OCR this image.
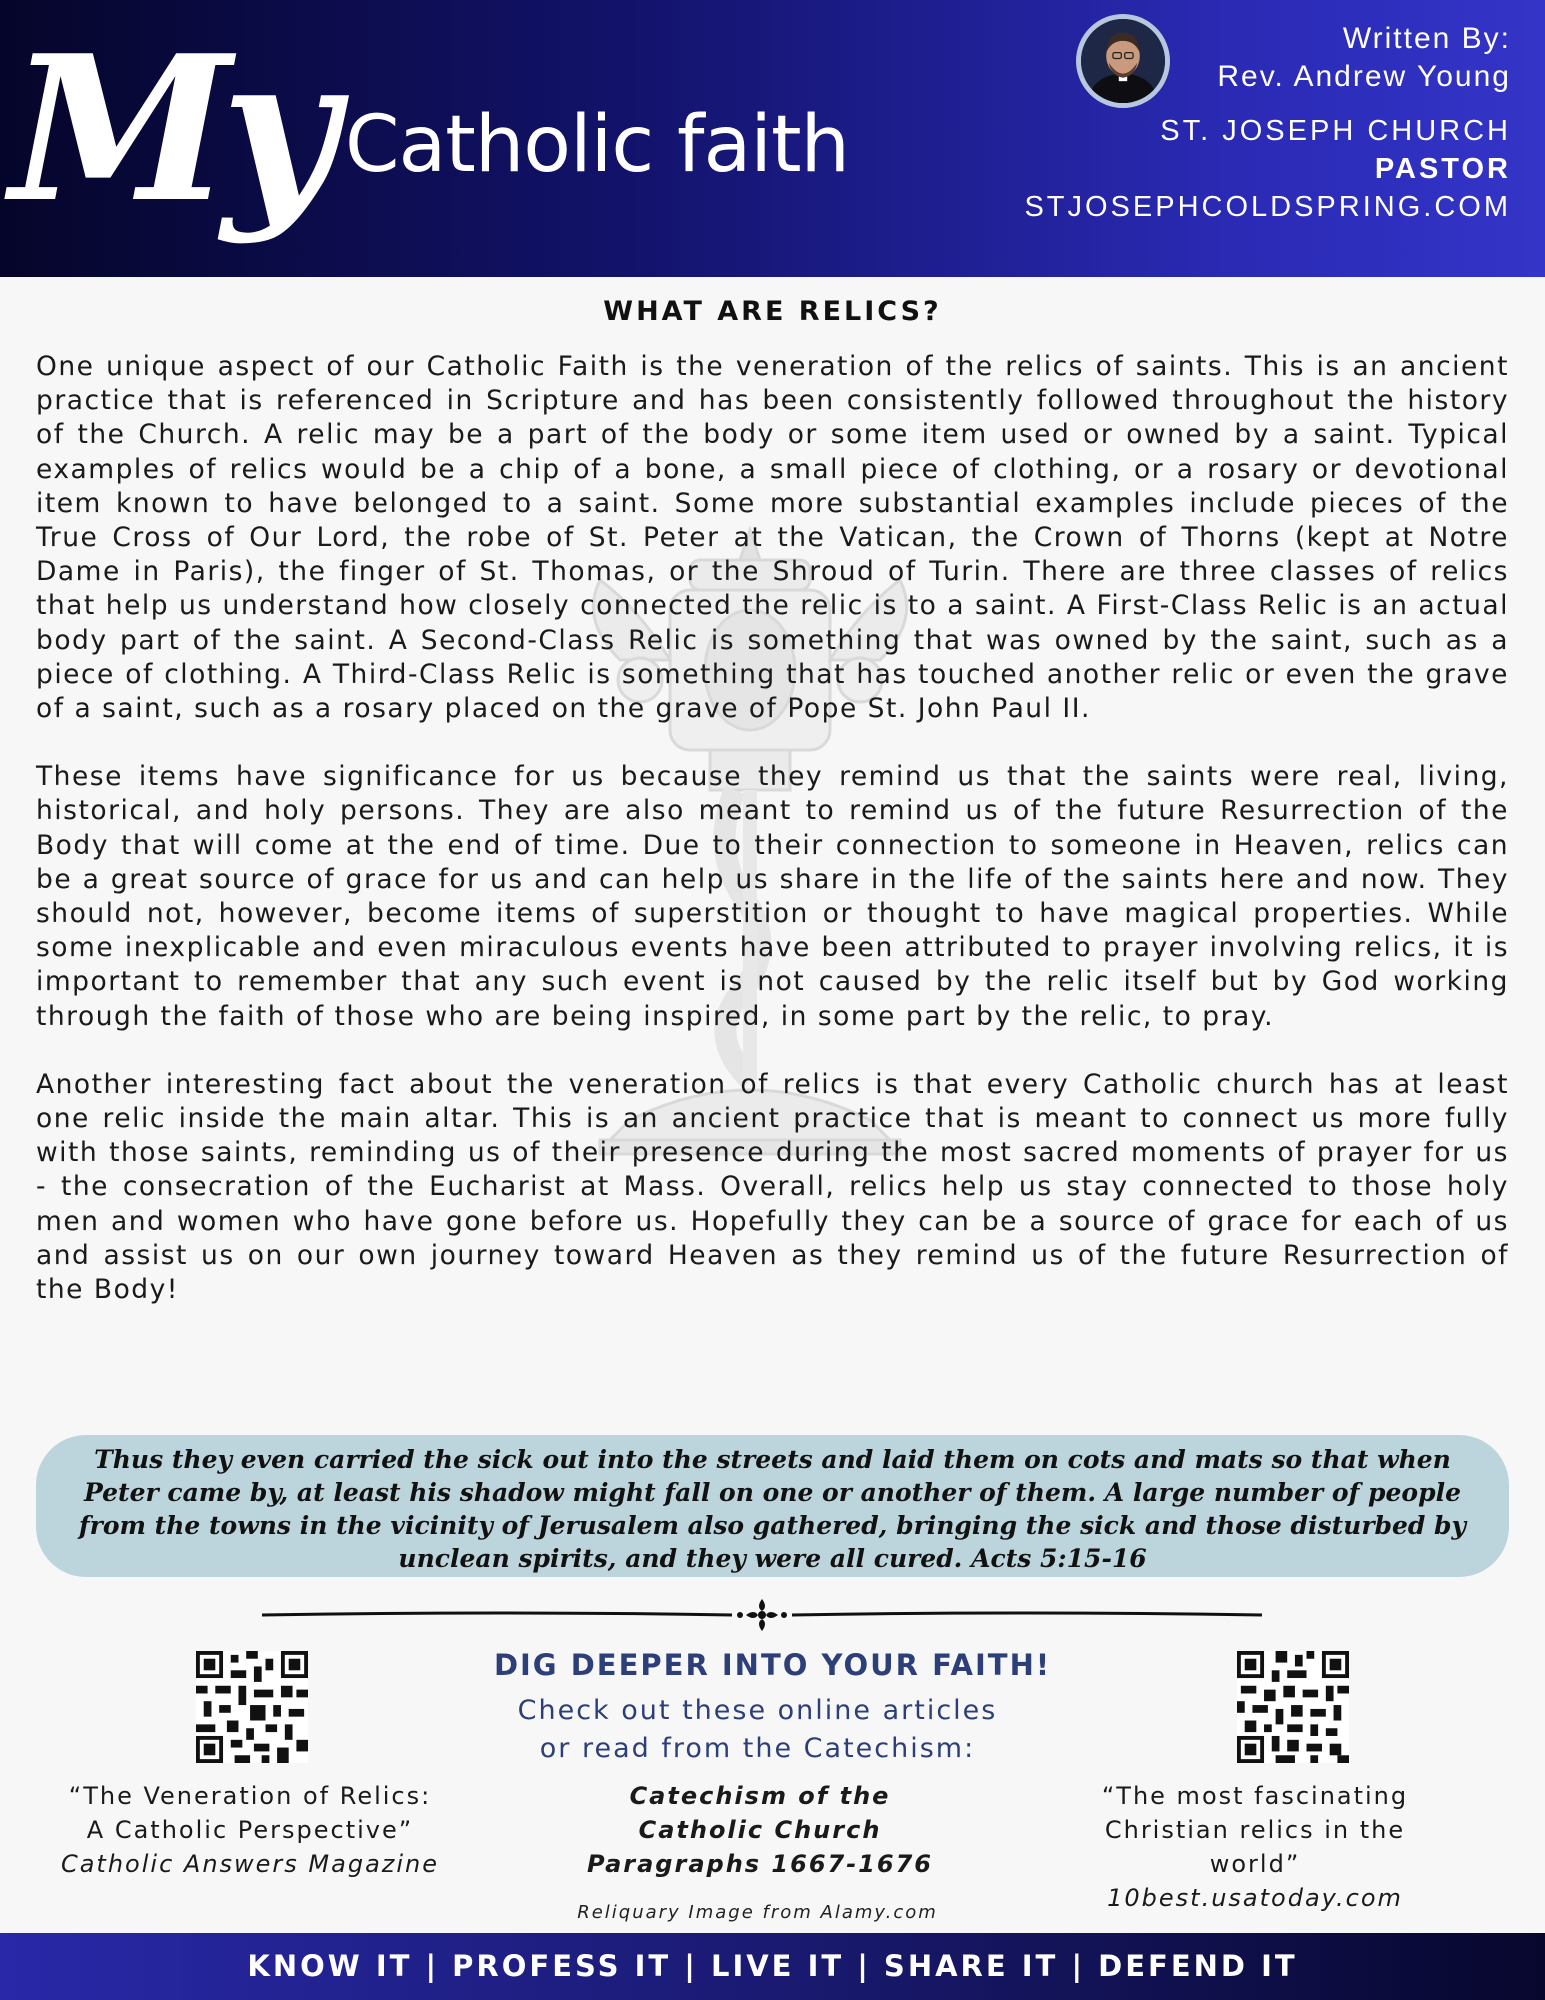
My Catholic faith
Written By:
Rev. Andrew Young
ST. JOSEPH CHURCH
PASTOR
STJOSEPHCOLDSPRING.COM
WHAT ARE RELICS?

One unique aspect of our Catholic Faith is the veneration of the relics of saints. This is an ancient practice that is referenced in Scripture and has been consistently followed throughout the history of the Church. A relic may be a part of the body or some item used or owned by a saint. Typical examples of relics would be a chip of a bone, a small piece of clothing, or a rosary or devotional item known to have belonged to a saint. Some more substantial examples include pieces of the True Cross of Our Lord, the robe of St. Peter at the Vatican, the Crown of Thorns (kept at Notre Dame in Paris), the finger of St. Thomas, or the Shroud of Turin. There are three classes of relics that help us understand how closely connected the relic is to a saint. A First-Class Relic is an actual body part of the saint. A Second-Class Relic is something that was owned by the saint, such as a piece of clothing. A Third-Class Relic is something that has touched another relic or even the grave of a saint, such as a rosary placed on the grave of Pope St. John Paul II.

These items have significance for us because they remind us that the saints were real, living, historical, and holy persons. They are also meant to remind us of the future Resurrection of the Body that will come at the end of time. Due to their connection to someone in Heaven, relics can be a great source of grace for us and can help us share in the life of the saints here and now. They should not, however, become items of superstition or thought to have magical properties. While some inexplicable and even miraculous events have been attributed to prayer involving relics, it is important to remember that any such event is not caused by the relic itself but by God working through the faith of those who are being inspired, in some part by the relic, to pray.

Another interesting fact about the veneration of relics is that every Catholic church has at least one relic inside the main altar. This is an ancient practice that is meant to connect us more fully with those saints, reminding us of their presence during the most sacred moments of prayer for us - the consecration of the Eucharist at Mass. Overall, relics help us stay connected to those holy men and women who have gone before us. Hopefully they can be a source of grace for each of us and assist us on our own journey toward Heaven as they remind us of the future Resurrection of the Body!

Thus they even carried the sick out into the streets and laid them on cots and mats so that when Peter came by, at least his shadow might fall on one or another of them. A large number of people from the towns in the vicinity of Jerusalem also gathered, bringing the sick and those disturbed by unclean spirits, and they were all cured. Acts 5:15-16
DIG DEEPER INTO YOUR FAITH!
Check out these online articles
or read from the Catechism:
“The Veneration of Relics:
A Catholic Perspective”
Catholic Answers Magazine
Catechism of the
Catholic Church
Paragraphs 1667-1676
“The most fascinating
Christian relics in the world”
10best.usatoday.com
Reliquary Image from Alamy.com
KNOW IT | PROFESS IT | LIVE IT | SHARE IT | DEFEND IT
